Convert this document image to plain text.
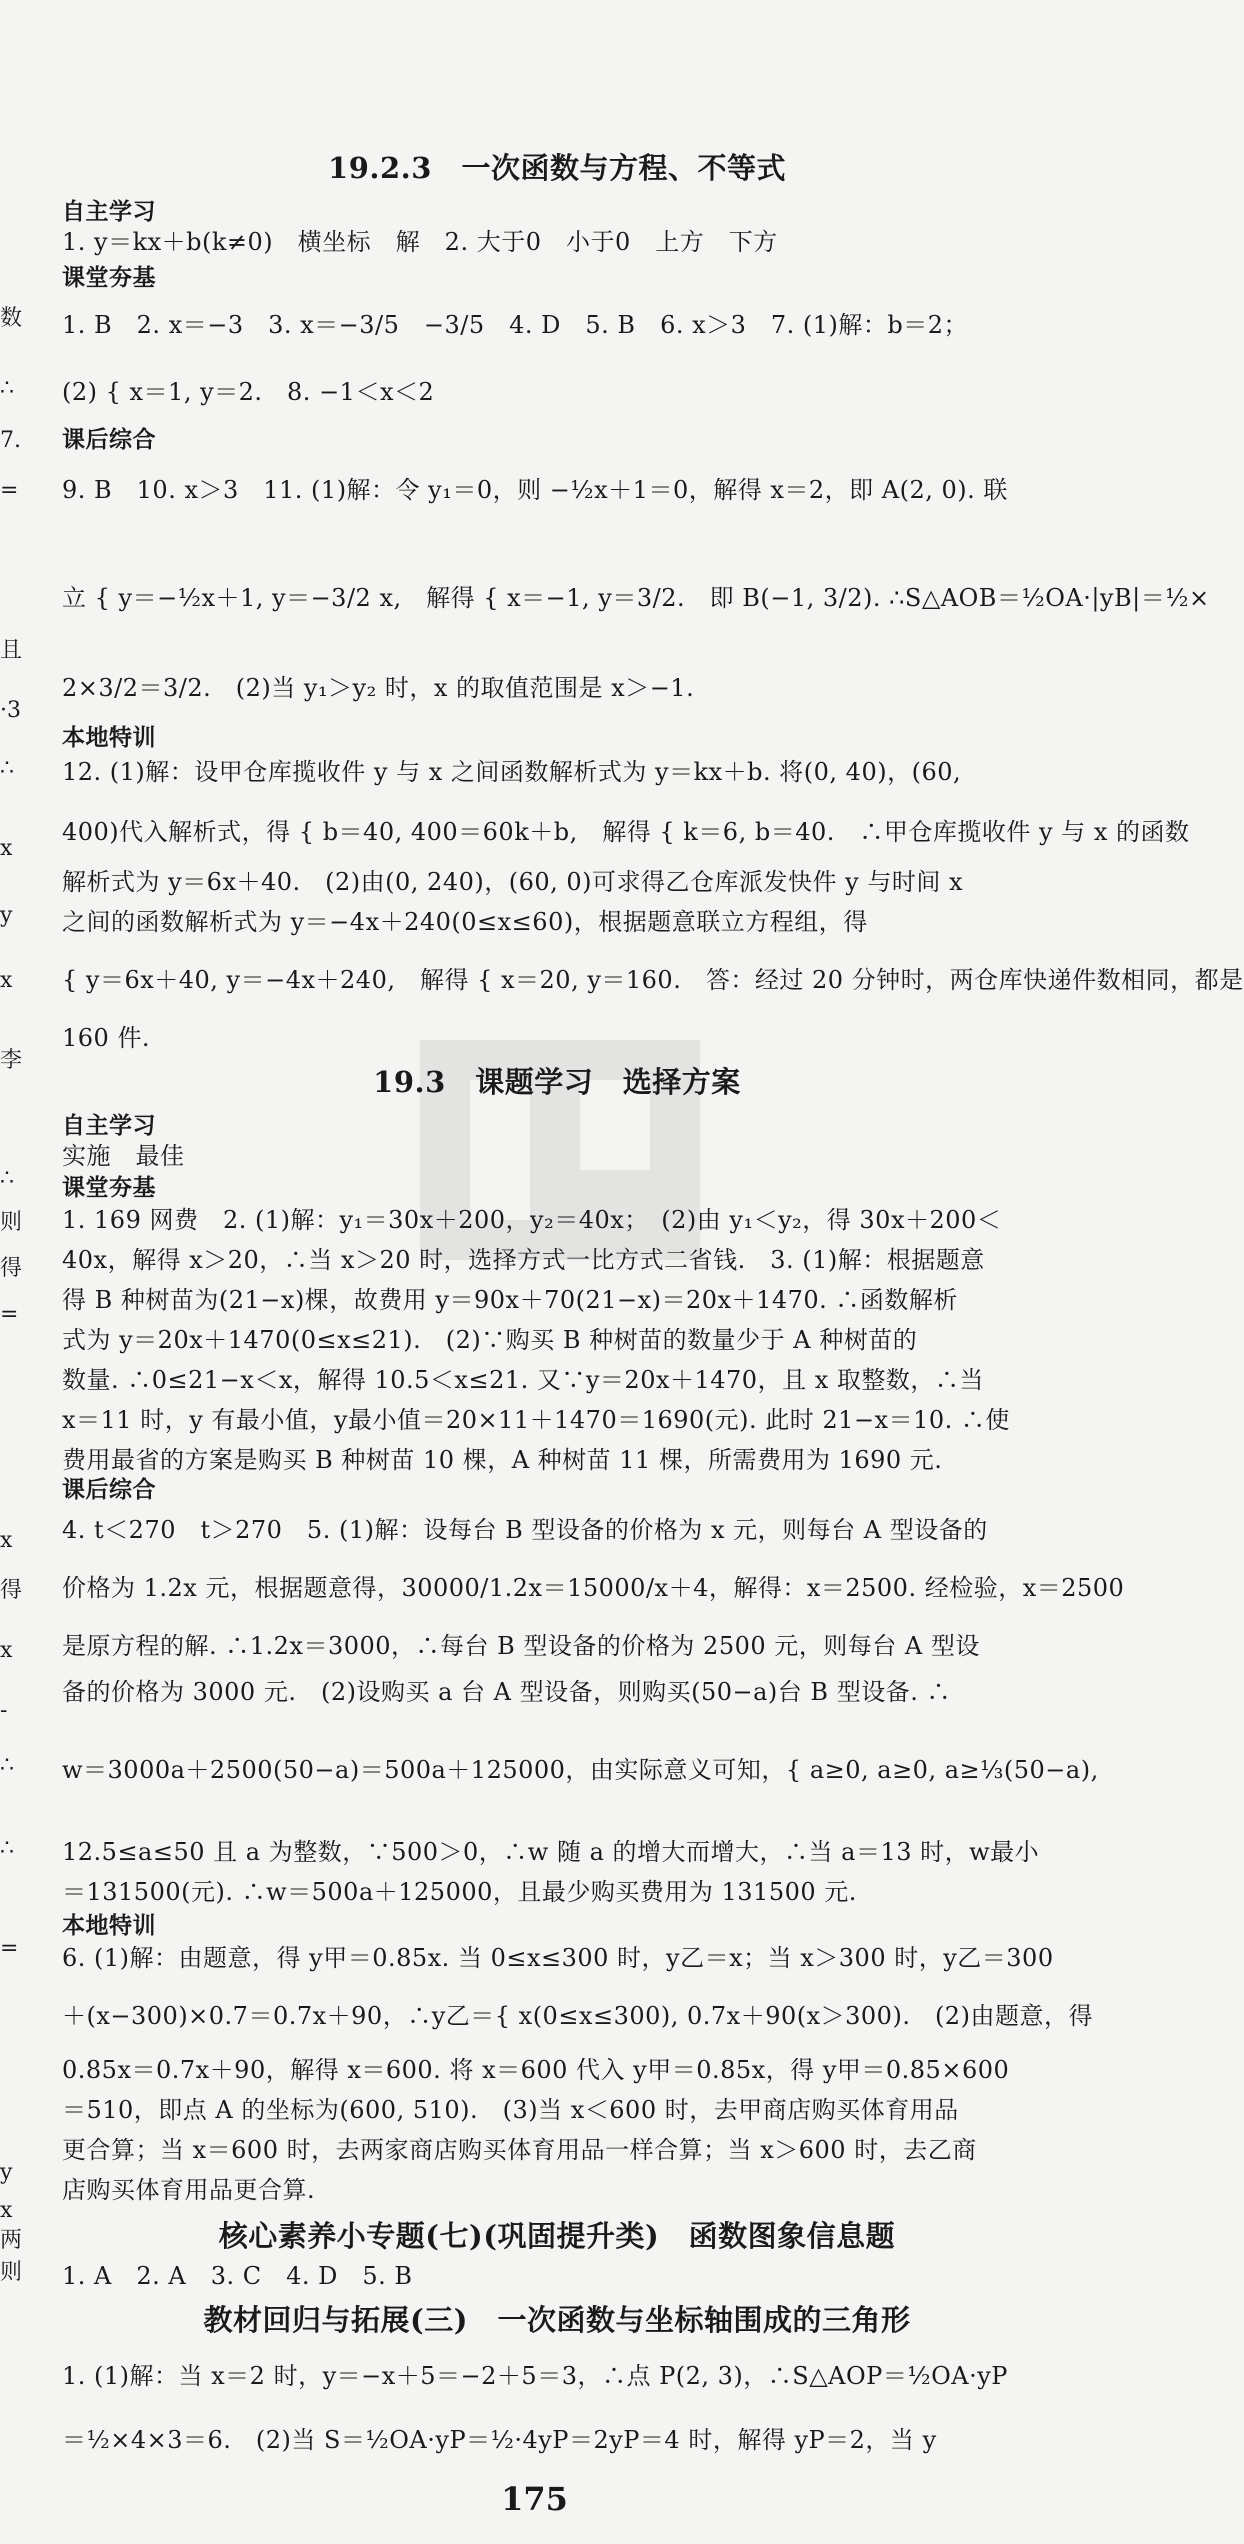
数
∴
7.
=
且
·3
∴
x
y
x
李
∴
则
得
=
x
得
x
-
∴
∴
=
y
x
两
则
19.2.3　一次函数与方程、不等式
自主学习
1. y＝kx＋b(k≠0)　横坐标　解　2. 大于0　小于0　上方　下方
课堂夯基
1. B　2. x＝−3　3. x＝−3/5　−3/5　4. D　5. B　6. x＞3　7. (1)解：b＝2；
(2) { x＝1, y＝2.　8. −1＜x＜2
课后综合
9. B　10. x＞3　11. (1)解：令 y₁＝0，则 −½x＋1＝0，解得 x＝2，即 A(2, 0). 联
立 { y＝−½x＋1, y＝−3/2 x,　解得 { x＝−1, y＝3/2.　即 B(−1, 3/2). ∴S△AOB＝½OA·|yB|＝½×
2×3/2＝3/2.　(2)当 y₁＞y₂ 时，x 的取值范围是 x＞−1.
本地特训
12. (1)解：设甲仓库揽收件 y 与 x 之间函数解析式为 y＝kx＋b. 将(0, 40)，(60,
400)代入解析式，得 { b＝40, 400＝60k＋b,　解得 { k＝6, b＝40.　∴甲仓库揽收件 y 与 x 的函数
解析式为 y＝6x＋40.　(2)由(0, 240)，(60, 0)可求得乙仓库派发快件 y 与时间 x
之间的函数解析式为 y＝−4x＋240(0≤x≤60)，根据题意联立方程组，得
{ y＝6x＋40, y＝−4x＋240,　解得 { x＝20, y＝160.　答：经过 20 分钟时，两仓库快递件数相同，都是
160 件.
19.3　课题学习　选择方案
自主学习
实施　最佳
课堂夯基
1. 169 网费　2. (1)解：y₁＝30x＋200，y₂＝40x；　(2)由 y₁＜y₂，得 30x＋200＜
40x，解得 x＞20，∴当 x＞20 时，选择方式一比方式二省钱.　3. (1)解：根据题意
得 B 种树苗为(21−x)棵，故费用 y＝90x＋70(21−x)＝20x＋1470. ∴函数解析
式为 y＝20x＋1470(0≤x≤21).　(2)∵购买 B 种树苗的数量少于 A 种树苗的
数量. ∴0≤21−x＜x，解得 10.5＜x≤21. 又∵y＝20x＋1470，且 x 取整数，∴当
x＝11 时，y 有最小值，y最小值＝20×11＋1470＝1690(元). 此时 21−x＝10. ∴使
费用最省的方案是购买 B 种树苗 10 棵，A 种树苗 11 棵，所需费用为 1690 元.
课后综合
4. t＜270　t＞270　5. (1)解：设每台 B 型设备的价格为 x 元，则每台 A 型设备的
价格为 1.2x 元，根据题意得，30000/1.2x＝15000/x＋4，解得：x＝2500. 经检验，x＝2500
是原方程的解. ∴1.2x＝3000，∴每台 B 型设备的价格为 2500 元，则每台 A 型设
备的价格为 3000 元.　(2)设购买 a 台 A 型设备，则购买(50−a)台 B 型设备. ∴
w＝3000a＋2500(50−a)＝500a＋125000，由实际意义可知，{ a≥0, a≥0, a≥⅓(50−a),
12.5≤a≤50 且 a 为整数，∵500＞0，∴w 随 a 的增大而增大，∴当 a＝13 时，w最小
＝131500(元). ∴w＝500a＋125000，且最少购买费用为 131500 元.
本地特训
6. (1)解：由题意，得 y甲＝0.85x. 当 0≤x≤300 时，y乙＝x；当 x＞300 时，y乙＝300
＋(x−300)×0.7＝0.7x＋90，∴y乙＝{ x(0≤x≤300), 0.7x＋90(x＞300).　(2)由题意，得
0.85x＝0.7x＋90，解得 x＝600. 将 x＝600 代入 y甲＝0.85x，得 y甲＝0.85×600
＝510，即点 A 的坐标为(600, 510).　(3)当 x＜600 时，去甲商店购买体育用品
更合算；当 x＝600 时，去两家商店购买体育用品一样合算；当 x＞600 时，去乙商
店购买体育用品更合算.
核心素养小专题(七)(巩固提升类)　函数图象信息题
1. A　2. A　3. C　4. D　5. B
教材回归与拓展(三)　一次函数与坐标轴围成的三角形
1. (1)解：当 x＝2 时，y＝−x＋5＝−2＋5＝3，∴点 P(2, 3)，∴S△AOP＝½OA·yP
＝½×4×3＝6.　(2)当 S＝½OA·yP＝½·4yP＝2yP＝4 时，解得 yP＝2，当 y
175
